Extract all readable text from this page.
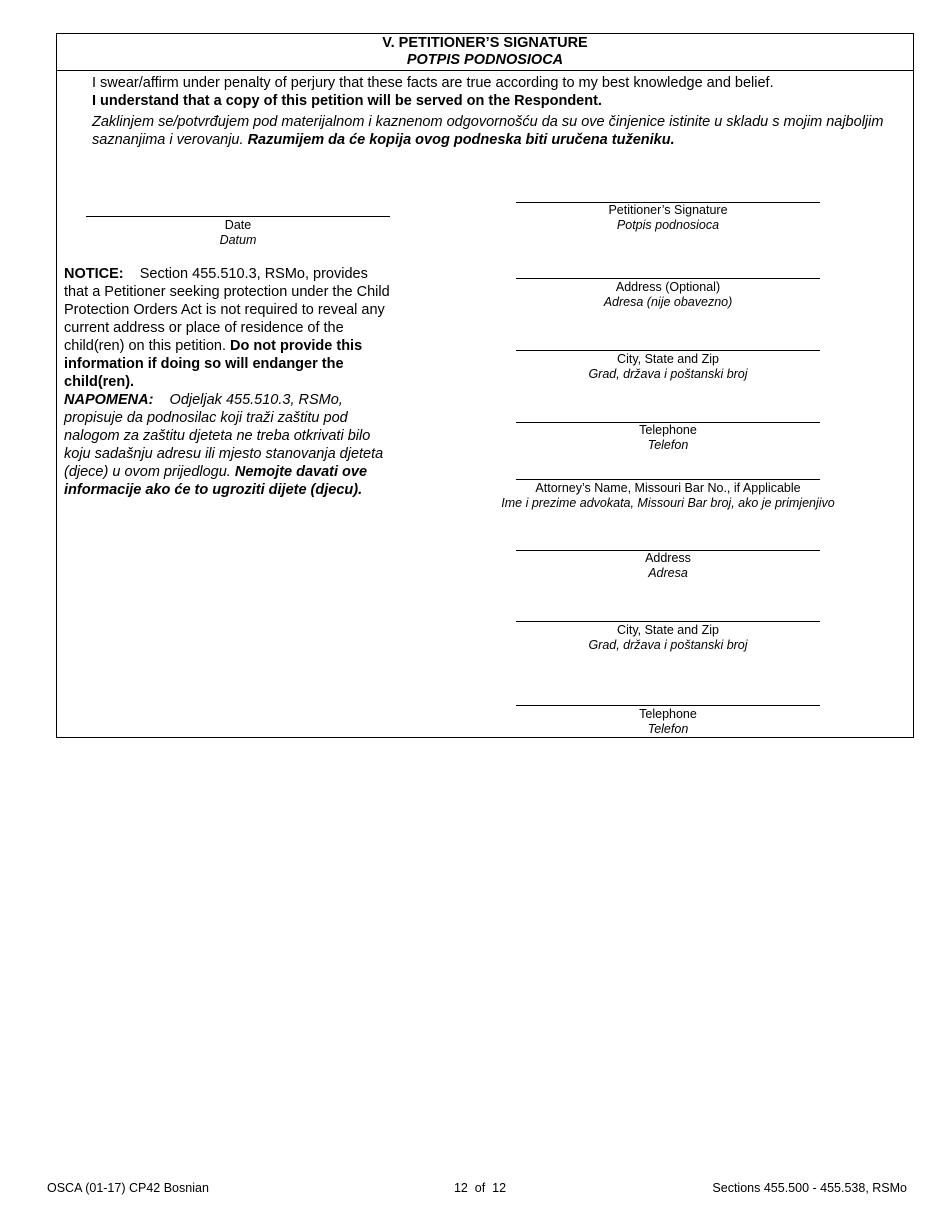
V. PETITIONER’S SIGNATURE
POTPIS PODNOSIOCA

I swear/affirm under penalty of perjury that these facts are true according to my best knowledge and belief.

I understand that a copy of this petition will be served on the Respondent.

Zaklinjem se/potvrđujem pod materijalnom i kaznenom odgovornošću da su ove činjenice istinite u skladu s mojim najboljim saznanjima i verovanju. Razumijem da će kopija ovog podneska biti uručena tuženiku.

Date
Datum

NOTICE: Section 455.510.3, RSMo, provides that a Petitioner seeking protection under the Child Protection Orders Act is not required to reveal any current address or place of residence of the child(ren) on this petition. Do not provide this information if doing so will endanger the child(ren).

NAPOMENA: Odjeljak 455.510.3, RSMo, propisuje da podnosilac koji traži zaštitu pod nalogom za zaštitu djeteta ne treba otkrivati bilo koju sadašnju adresu ili mjesto stanovanja djeteta (djece) u ovom prijedlogu. Nemojte davati ove informacije ako će to ugroziti dijete (djecu).

Petitioner’s Signature
Potpis podnosioca
Address (Optional)
Adresa (nije obavezno)
City, State and Zip
Grad, država i poštanski broj
Telephone
Telefon
Attorney’s Name, Missouri Bar No., if Applicable
Ime i prezime advokata, Missouri Bar broj, ako je primjenjivo
Address
Adresa
City, State and Zip
Grad, država i poštanski broj
Telephone
Telefon
OSCA (01-17) CP42 Bosnian	12  of  12	Sections 455.500 - 455.538, RSMo
